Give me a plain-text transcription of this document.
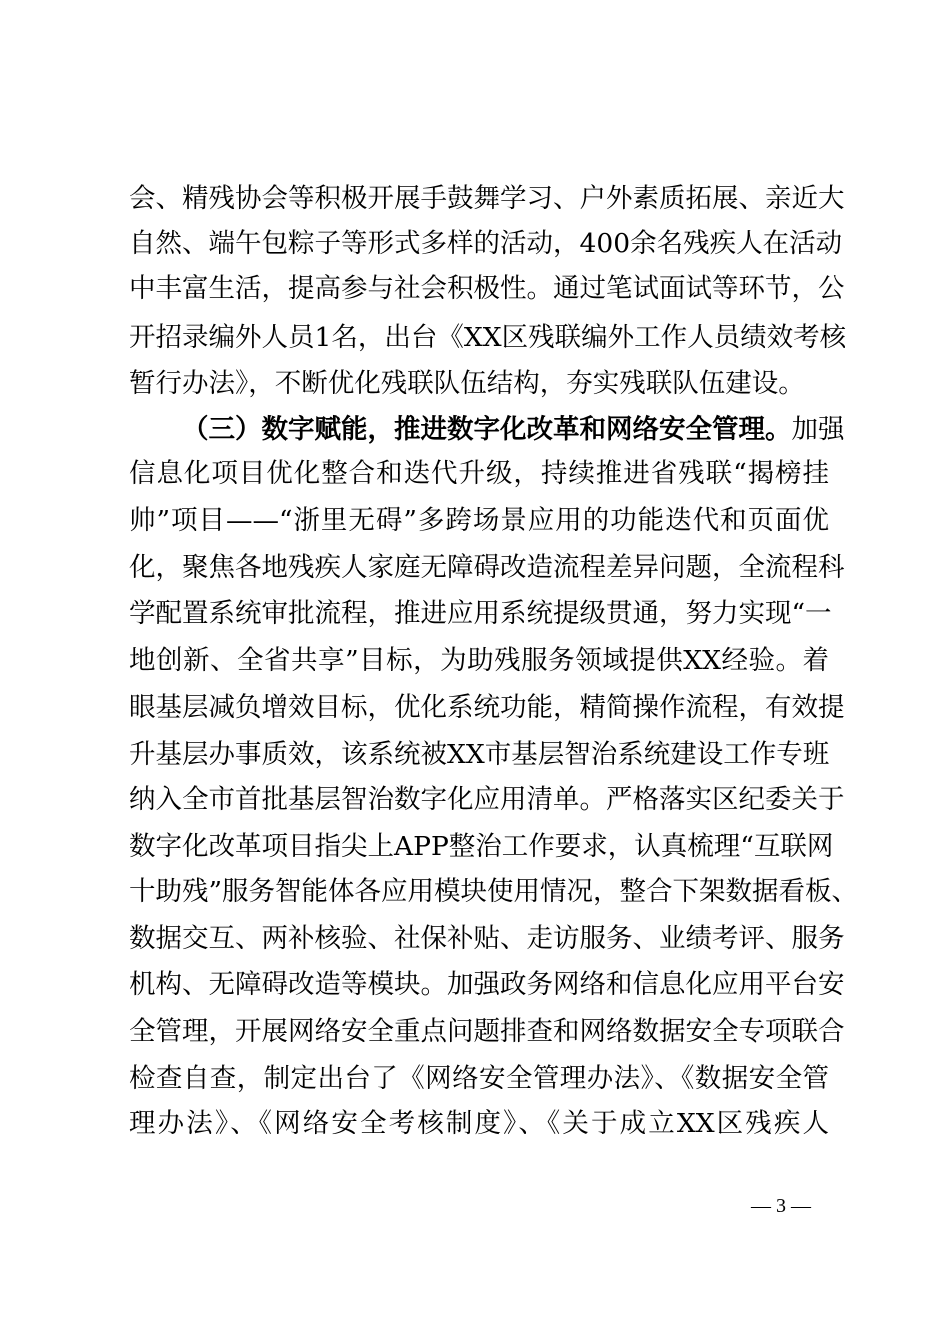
会、精残协会等积极开展手鼓舞学习、户外素质拓展、亲近大
自然、端午包粽子等形式多样的活动，400余名残疾人在活动
中丰富生活，提高参与社会积极性。通过笔试面试等环节，公
开招录编外人员1名，出台《XX区残联编外工作人员绩效考核
暂行办法》，不断优化残联队伍结构，夯实残联队伍建设。
（三）数字赋能，推进数字化改革和网络安全管理。加强
信息化项目优化整合和迭代升级，持续推进省残联“揭榜挂
帅”项目——“浙里无碍”多跨场景应用的功能迭代和页面优
化，聚焦各地残疾人家庭无障碍改造流程差异问题，全流程科
学配置系统审批流程，推进应用系统提级贯通，努力实现“一
地创新、全省共享”目标，为助残服务领域提供XX经验。着
眼基层减负增效目标，优化系统功能，精简操作流程，有效提
升基层办事质效，该系统被XX市基层智治系统建设工作专班
纳入全市首批基层智治数字化应用清单。严格落实区纪委关于
数字化改革项目指尖上APP整治工作要求，认真梳理“互联网
十助残”服务智能体各应用模块使用情况，整合下架数据看板、
数据交互、两补核验、社保补贴、走访服务、业绩考评、服务
机构、无障碍改造等模块。加强政务网络和信息化应用平台安
全管理，开展网络安全重点问题排查和网络数据安全专项联合
检查自查，制定出台了《网络安全管理办法》、《数据安全管
理办法》、《网络安全考核制度》、《关于成立XX区残疾人
— 3 —
